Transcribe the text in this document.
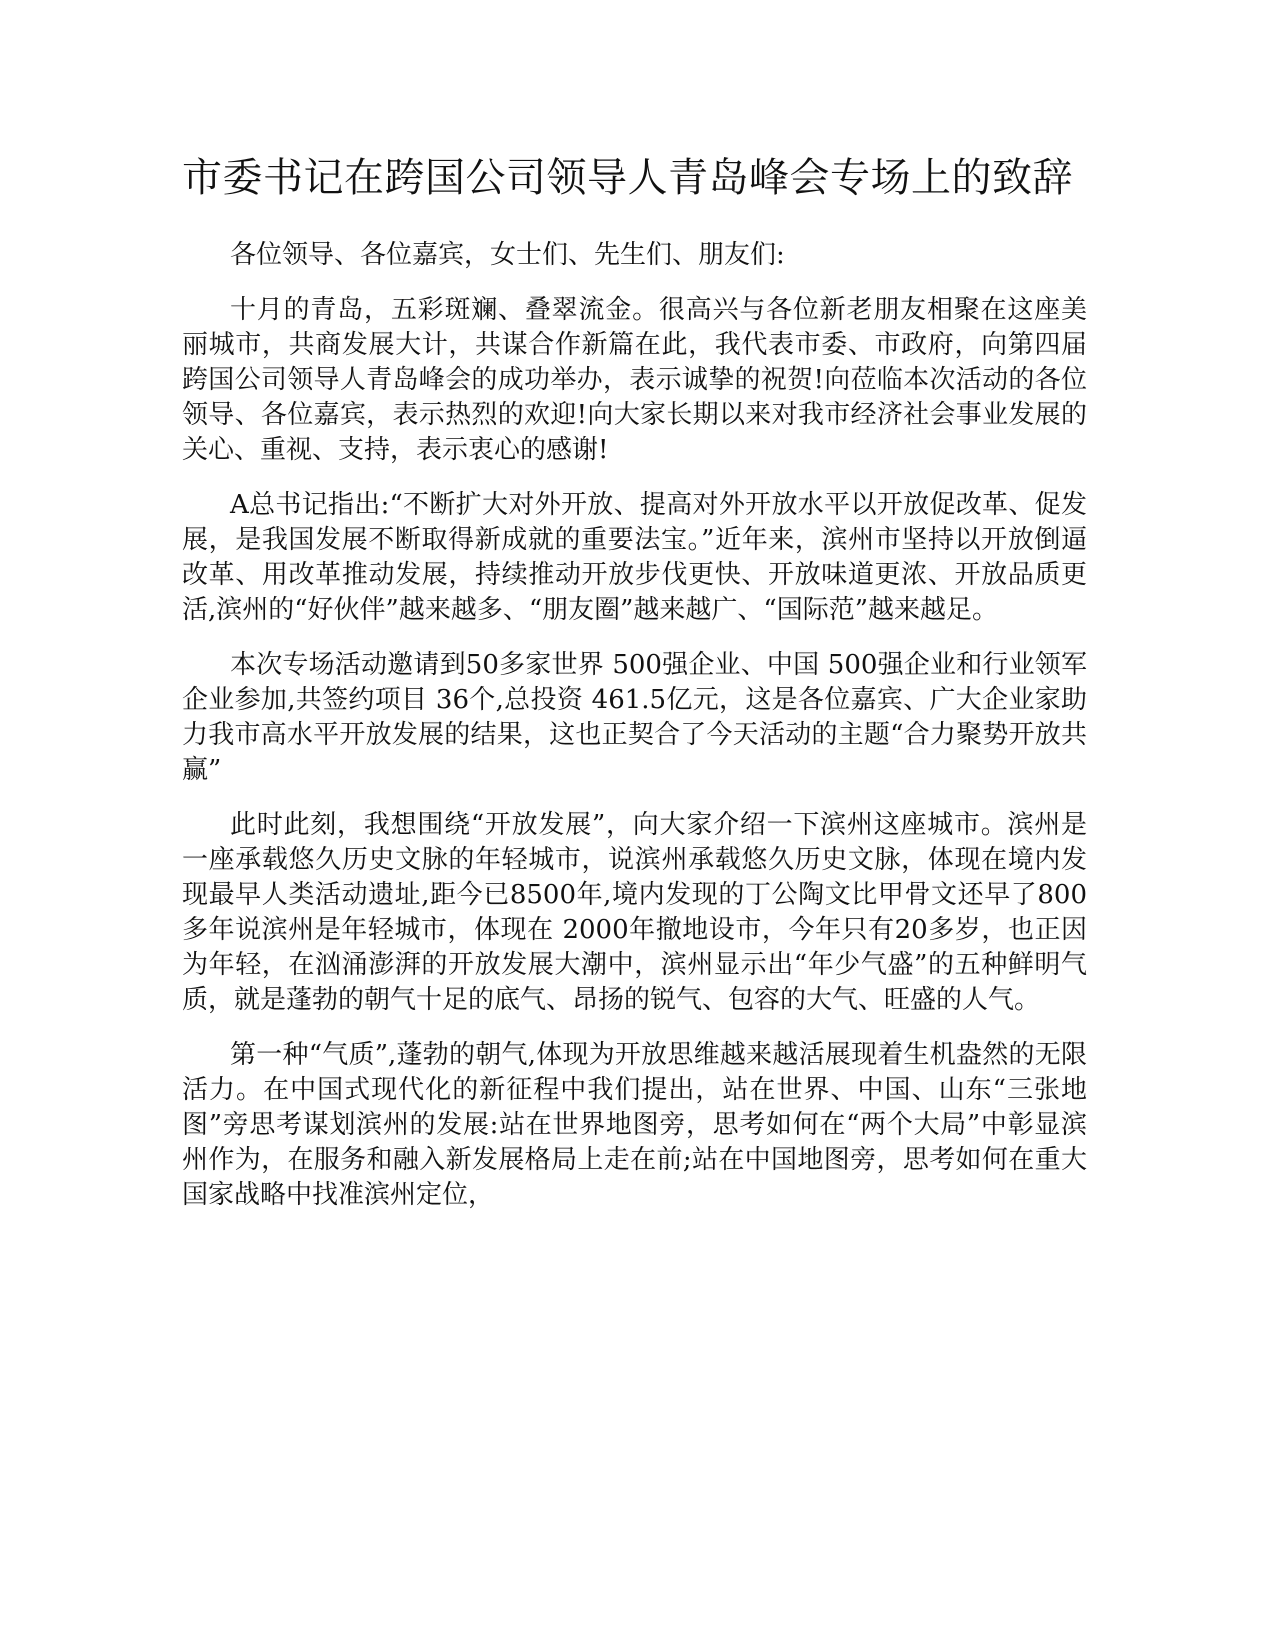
市委书记在跨国公司领导人青岛峰会专场上的致辞

各位领导、各位嘉宾，女士们、先生们、朋友们:

十月的青岛，五彩斑斓、叠翠流金。很高兴与各位新老朋友相聚在这座美丽城市，共商发展大计，共谋合作新篇在此，我代表市委、市政府，向第四届跨国公司领导人青岛峰会的成功举办，表示诚挚的祝贺!向莅临本次活动的各位领导、各位嘉宾，表示热烈的欢迎!向大家长期以来对我市经济社会事业发展的关心、重视、支持，表示衷心的感谢!

A总书记指出:“不断扩大对外开放、提高对外开放水平以开放促改革、促发展，是我国发展不断取得新成就的重要法宝。”近年来，滨州市坚持以开放倒逼改革、用改革推动发展，持续推动开放步伐更快、开放味道更浓、开放品质更活,滨州的“好伙伴”越来越多、“朋友圈”越来越广、“国际范”越来越足。

本次专场活动邀请到50多家世界 500强企业、中国 500强企业和行业领军企业参加,共签约项目 36个,总投资 461.5亿元，这是各位嘉宾、广大企业家助力我市高水平开放发展的结果，这也正契合了今天活动的主题“合力聚势开放共赢”

此时此刻，我想围绕“开放发展”，向大家介绍一下滨州这座城市。滨州是一座承载悠久历史文脉的年轻城市，说滨州承载悠久历史文脉，体现在境内发现最早人类活动遗址,距今已8500年,境内发现的丁公陶文比甲骨文还早了800多年说滨州是年轻城市，体现在 2000年撤地设市，今年只有20多岁，也正因为年轻，在汹涌澎湃的开放发展大潮中，滨州显示出“年少气盛”的五种鲜明气质，就是蓬勃的朝气十足的底气、昂扬的锐气、包容的大气、旺盛的人气。

第一种“气质”,蓬勃的朝气,体现为开放思维越来越活展现着生机盎然的无限活力。在中国式现代化的新征程中我们提出，站在世界、中国、山东“三张地图”旁思考谋划滨州的发展:站在世界地图旁，思考如何在“两个大局”中彰显滨州作为，在服务和融入新发展格局上走在前;站在中国地图旁，思考如何在重大国家战略中找准滨州定位，
